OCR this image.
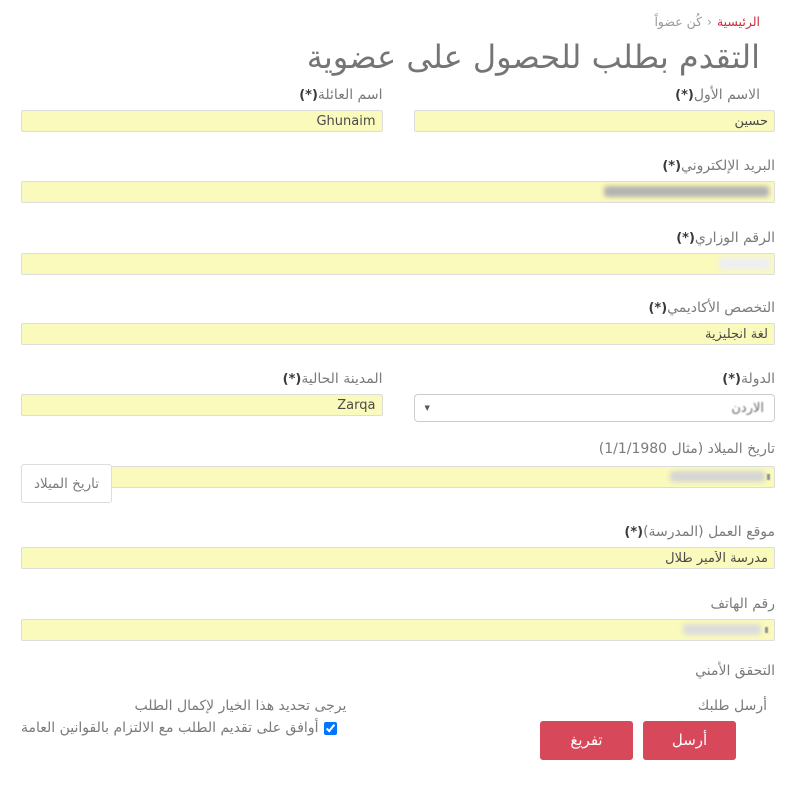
الرئيسية›كُن عضواً
التقدم بطلب للحصول على عضوية
الاسم الأول(*)
حسين
اسم العائلة(*)
Ghunaim
البريد الإلكتروني(*)
الرقم الوزاري(*)
التخصص الأكاديمي(*)
لغة انجليزية
الدولة(*)
الاردن
▼
المدينة الحالية(*)
Zarqa
تاريخ الميلاد (مثال 1/1/1980)
تاريخ الميلاد
موقع العمل (المدرسة)(*)
مدرسة الأمير طلال
رقم الهاتف
التحقق الأمني
أرسل طلبك
أرسل طلبك
تفريغ الحقول
يرجى تحديد هذا الخيار لإكمال الطلب
أوافق على تقديم الطلب مع الالتزام بالقوانين العامة
